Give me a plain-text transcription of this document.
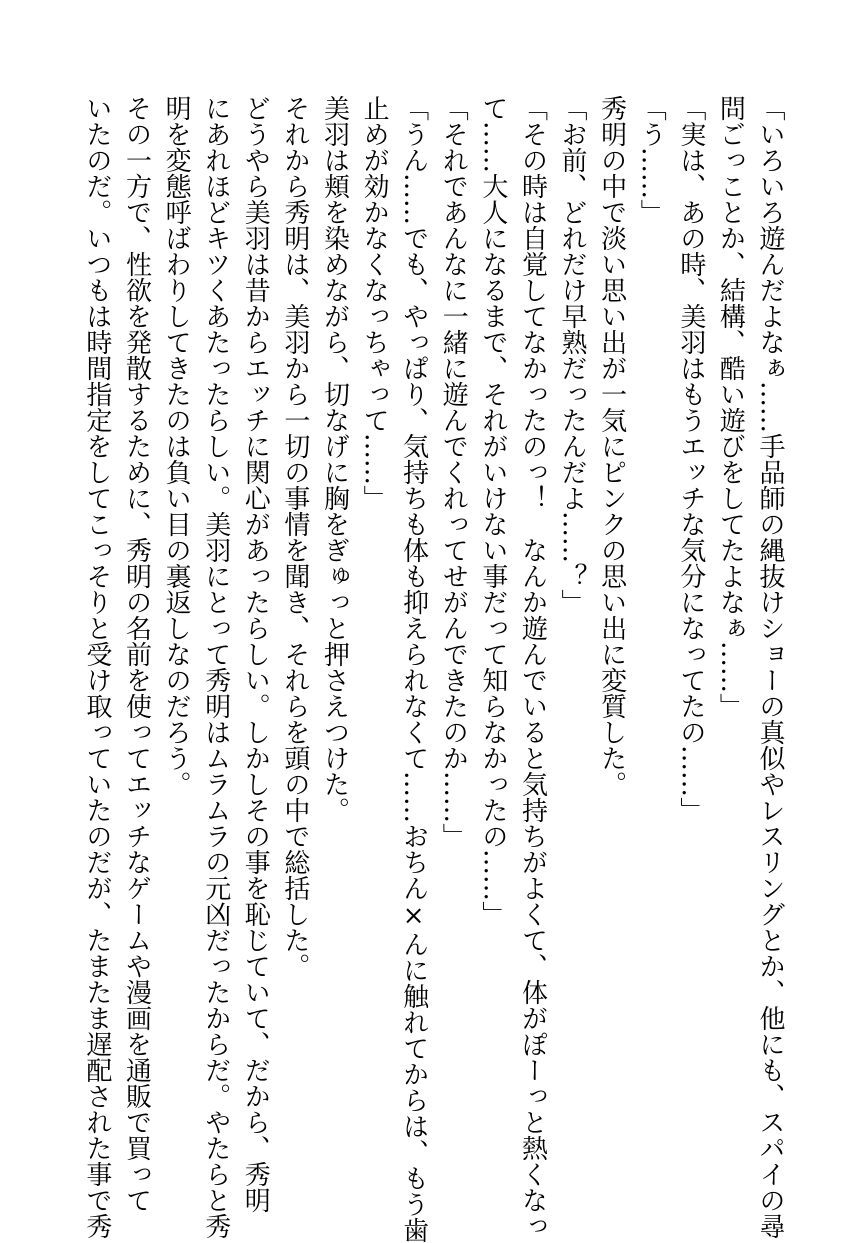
「いろいろ遊んだよなぁ……手品師の縄抜けショーの真似やレスリングとか、他にも、スパイの尋
問ごっことか、結構、酷い遊びをしてたよなぁ……」
「実は、あの時、美羽はもうエッチな気分になってたの……」
「う……」
秀明の中で淡い思い出が一気にピンクの思い出に変質した。
「お前、どれだけ早熟だったんだよ……？」
「その時は自覚してなかったのっ！　なんか遊んでいると気持ちがよくて、体がぽーっと熱くなっ
て……大人になるまで、それがいけない事だって知らなかったの……」
「それであんなに一緒に遊んでくれってせがんできたのか……」
「うん……でも、やっぱり、気持ちも体も抑えられなくて……おちん×んに触れてからは、もう歯
止めが効かなくなっちゃって……」
美羽は頬を染めながら、切なげに胸をぎゅっと押さえつけた。
それから秀明は、美羽から一切の事情を聞き、それらを頭の中で総括した。
どうやら美羽は昔からエッチに関心があったらしい。しかしその事を恥じていて、だから、秀明
にあれほどキツくあたったらしい。美羽にとって秀明はムラムラの元凶だったからだ。やたらと秀
明を変態呼ばわりしてきたのは負い目の裏返しなのだろう。
その一方で、性欲を発散するために、秀明の名前を使ってエッチなゲームや漫画を通販で買って
いたのだ。いつもは時間指定をしてこっそりと受け取っていたのだが、たまたま遅配された事で秀
